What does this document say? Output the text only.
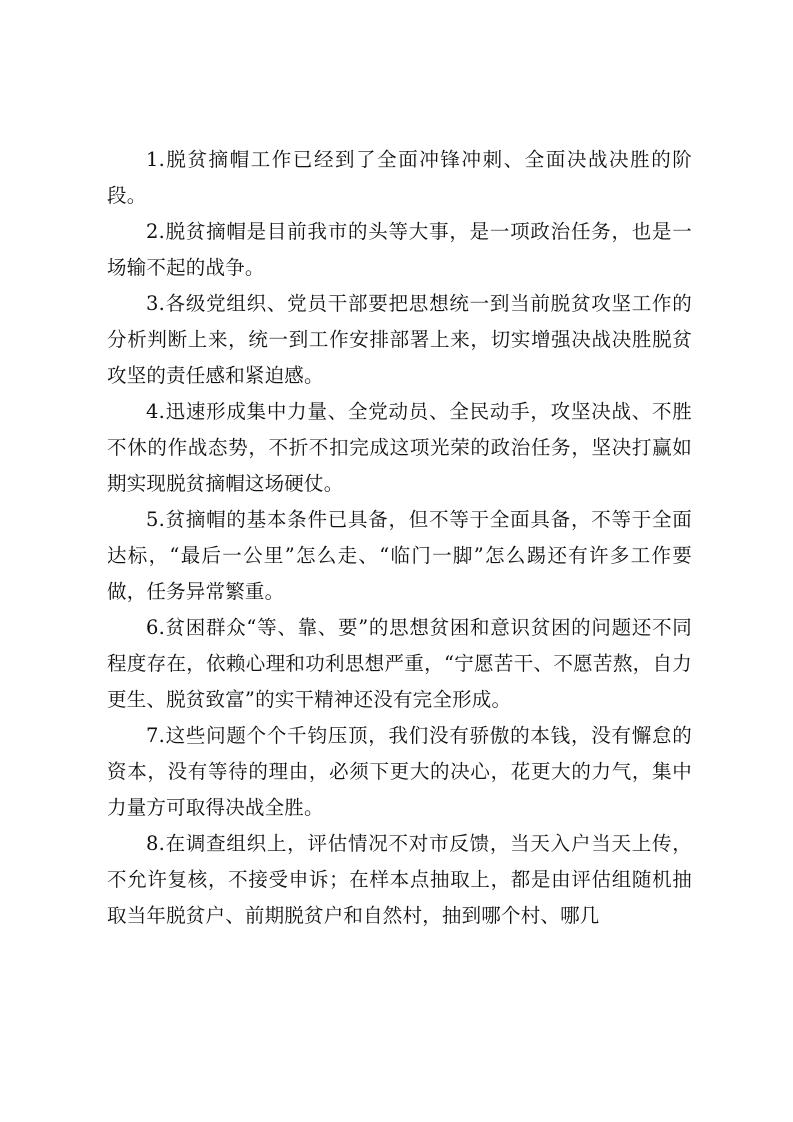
1.脱贫摘帽工作已经到了全面冲锋冲刺、全面决战决胜的阶段。

2.脱贫摘帽是目前我市的头等大事，是一项政治任务，也是一场输不起的战争。

3.各级党组织、党员干部要把思想统一到当前脱贫攻坚工作的分析判断上来，统一到工作安排部署上来，切实增强决战决胜脱贫攻坚的责任感和紧迫感。

4.迅速形成集中力量、全党动员、全民动手，攻坚决战、不胜不休的作战态势，不折不扣完成这项光荣的政治任务，坚决打赢如期实现脱贫摘帽这场硬仗。

5.贫摘帽的基本条件已具备，但不等于全面具备，不等于全面达标，“最后一公里”怎么走、“临门一脚”怎么踢还有许多工作要做，任务异常繁重。

6.贫困群众“等、靠、要”的思想贫困和意识贫困的问题还不同程度存在，依赖心理和功利思想严重，“宁愿苦干、不愿苦熬，自力更生、脱贫致富”的实干精神还没有完全形成。

7.这些问题个个千钧压顶，我们没有骄傲的本钱，没有懈怠的资本，没有等待的理由，必须下更大的决心，花更大的力气，集中力量方可取得决战全胜。

8.在调查组织上，评估情况不对市反馈，当天入户当天上传，不允许复核，不接受申诉；在样本点抽取上，都是由评估组随机抽取当年脱贫户、前期脱贫户和自然村，抽到哪个村、哪几
